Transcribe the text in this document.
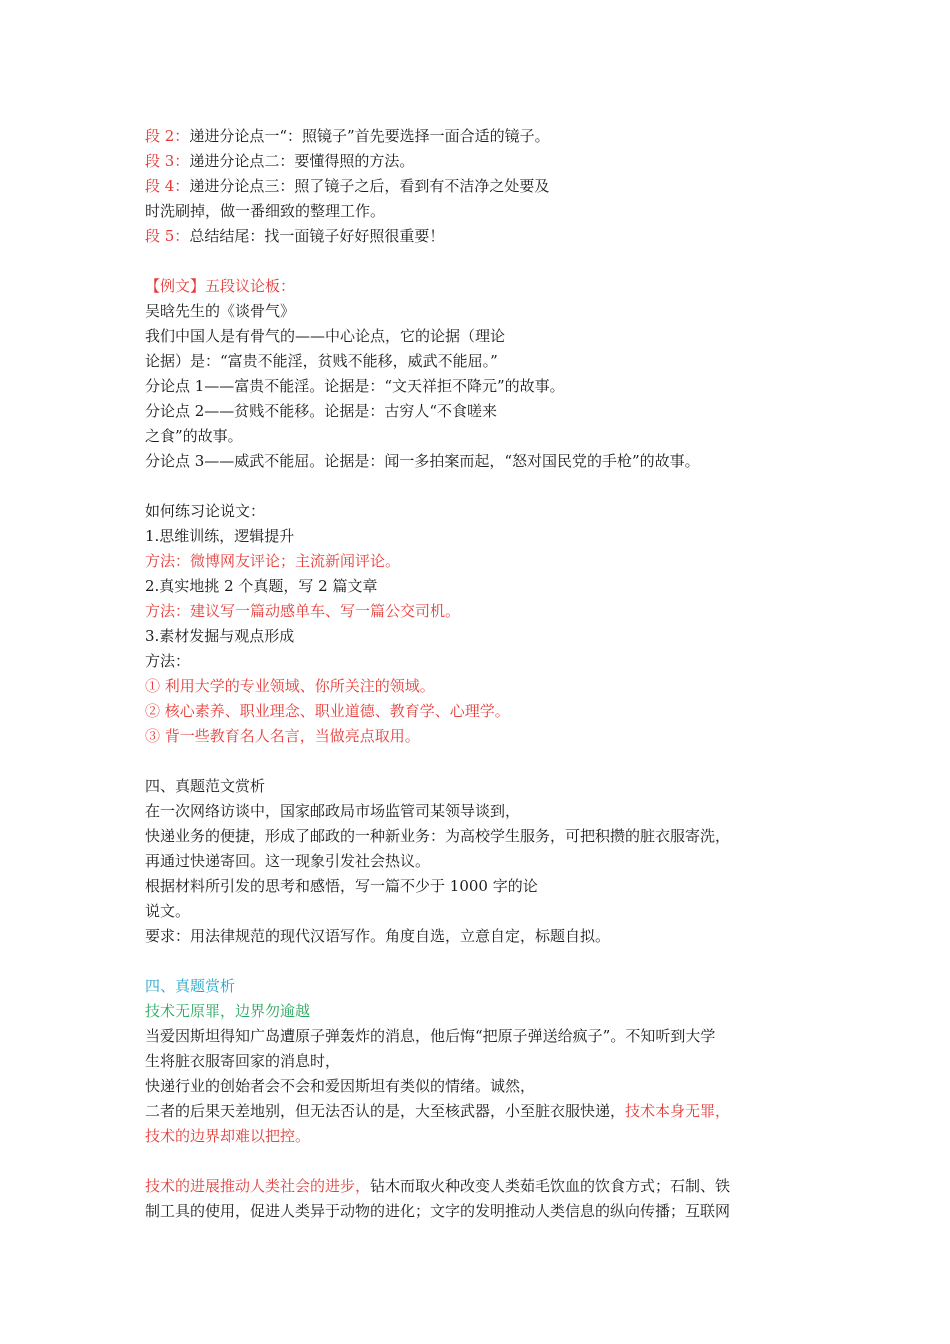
段 2：递进分论点一“：照镜子”首先要选择一面合适的镜子。
段 3：递进分论点二：要懂得照的方法。
段 4：递进分论点三：照了镜子之后，看到有不洁净之处要及
时洗刷掉，做一番细致的整理工作。
段 5：总结结尾：找一面镜子好好照很重要！
【例文】五段议论板：
吴晗先生的《谈骨气》
我们中国人是有骨气的——中心论点，它的论据（理论
论据）是：“富贵不能淫，贫贱不能移，威武不能屈。”
分论点 1——富贵不能淫。论据是：“文天祥拒不降元”的故事。
分论点 2——贫贱不能移。论据是：古穷人“不食嗟来
之食”的故事。
分论点 3——威武不能屈。论据是：闻一多拍案而起，“怒对国民党的手枪”的故事。
如何练习论说文：
1.思维训练，逻辑提升
方法：微博网友评论；主流新闻评论。
2.真实地挑 2 个真题，写 2 篇文章
方法：建议写一篇动感单车、写一篇公交司机。
3.素材发掘与观点形成
方法：
① 利用大学的专业领域、你所关注的领域。
② 核心素养、职业理念、职业道德、教育学、心理学。
③ 背一些教育名人名言，当做亮点取用。
四、真题范文赏析
在一次网络访谈中，国家邮政局市场监管司某领导谈到，
快递业务的便捷，形成了邮政的一种新业务：为高校学生服务，可把积攒的脏衣服寄洗，
再通过快递寄回。这一现象引发社会热议。
根据材料所引发的思考和感悟，写一篇不少于 1000 字的论
说文。
要求：用法律规范的现代汉语写作。角度自选，立意自定，标题自拟。
四、真题赏析
技术无原罪，边界勿逾越
当爱因斯坦得知广岛遭原子弹轰炸的消息，他后悔“把原子弹送给疯子”。不知听到大学
生将脏衣服寄回家的消息时，
快递行业的创始者会不会和爱因斯坦有类似的情绪。诚然，
二者的后果天差地别，但无法否认的是，大至核武器，小至脏衣服快递，技术本身无罪，
技术的边界却难以把控。
技术的进展推动人类社会的进步，钻木而取火种改变人类茹毛饮血的饮食方式；石制、铁
制工具的使用，促进人类异于动物的进化；文字的发明推动人类信息的纵向传播；互联网
